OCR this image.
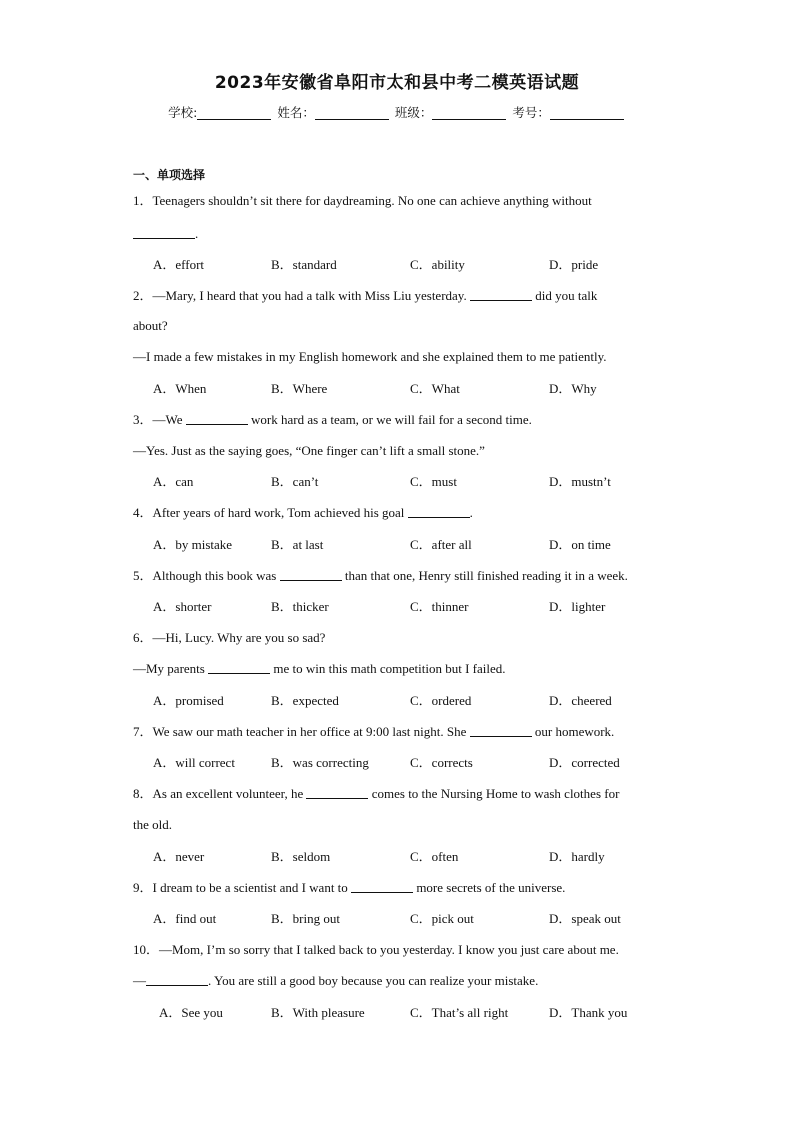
2023年安徽省阜阳市太和县中考二模英语试题
学校:	姓名：	班级：	考号：
一、单项选择
1．Teenagers shouldn’t sit there for daydreaming. No one can achieve anything without
.
A．effort	B．standard	C．ability	D．pride
2．—Mary, I heard that you had a talk with Miss Liu yesterday.	did you talk
about?
—I made a few mistakes in my English homework and she explained them to me patiently.
A．When	B．Where	C．What	D．Why
3．—We	work hard as a team, or we will fail for a second time.
—Yes. Just as the saying goes, “One finger can’t lift a small stone.”
A．can	B．can’t	C．must	D．mustn’t
4．After years of hard work, Tom achieved his goal	.
A．by mistake	B．at last	C．after all	D．on time
5．Although this book was	than that one, Henry still finished reading it in a week.
A．shorter	B．thicker	C．thinner	D．lighter
6．—Hi, Lucy. Why are you so sad?
—My parents	me to win this math competition but I failed.
A．promised	B．expected	C．ordered	D．cheered
7．We saw our math teacher in her office at 9:00 last night. She	our homework.
A．will correct	B．was correcting	C．corrects	D．corrected
8．As an excellent volunteer, he	comes to the Nursing Home to wash clothes for
the old.
A．never	B．seldom	C．often	D．hardly
9．I dream to be a scientist and I want to	more secrets of the universe.
A．find out	B．bring out	C．pick out	D．speak out
10．—Mom, I’m so sorry that I talked back to you yesterday. I know you just care about me.
—	. You are still a good boy because you can realize your mistake.
A．See you	B．With pleasure	C．That’s all right	D．Thank you
